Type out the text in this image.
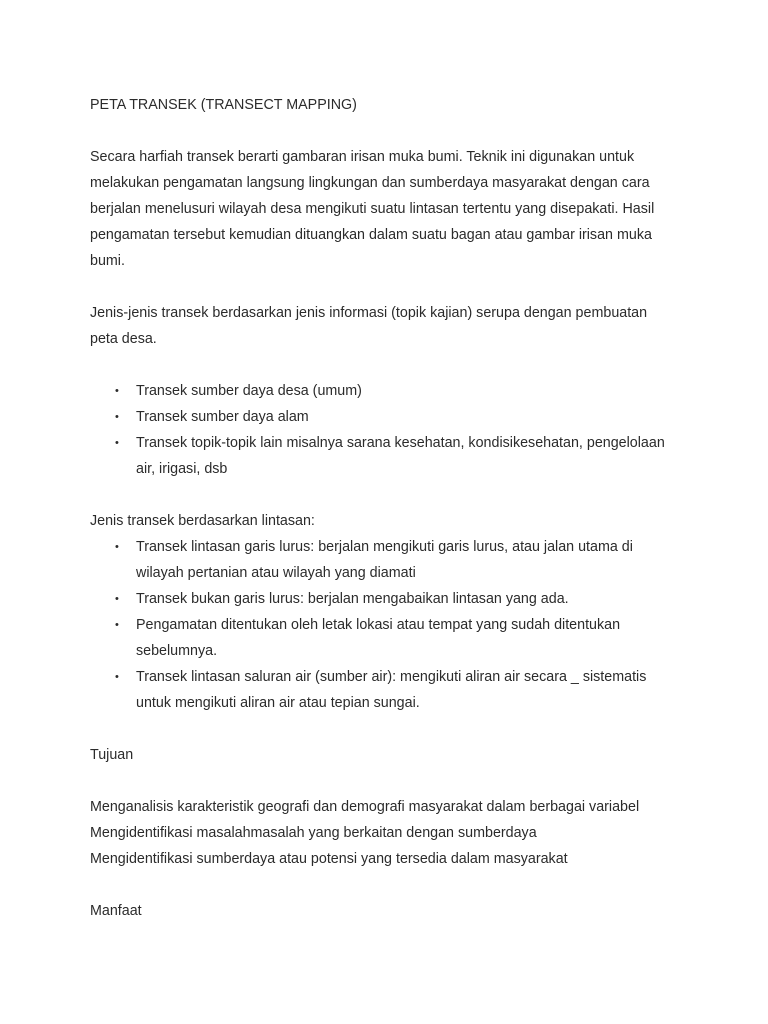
PETA TRANSEK (TRANSECT MAPPING)
Secara harfiah transek berarti gambaran irisan muka bumi. Teknik ini digunakan untuk
melakukan pengamatan langsung lingkungan dan sumberdaya masyarakat dengan cara
berjalan menelusuri wilayah desa mengikuti suatu lintasan tertentu yang disepakati. Hasil
pengamatan tersebut kemudian dituangkan dalam suatu bagan atau gambar irisan muka
bumi.
Jenis-jenis transek berdasarkan jenis informasi (topik kajian) serupa dengan pembuatan
peta desa.
• Transek sumber daya desa (umum)
• Transek sumber daya alam
• Transek topik-topik lain misalnya sarana kesehatan, kondisikesehatan, pengelolaan
air, irigasi, dsb
Jenis transek berdasarkan lintasan:
• Transek lintasan garis lurus: berjalan mengikuti garis lurus, atau jalan utama di
wilayah pertanian atau wilayah yang diamati
• Transek bukan garis lurus: berjalan mengabaikan lintasan yang ada.
• Pengamatan ditentukan oleh letak lokasi atau tempat yang sudah ditentukan
sebelumnya.
• Transek lintasan saluran air (sumber air): mengikuti aliran air secara _ sistematis
untuk mengikuti aliran air atau tepian sungai.
Tujuan
Menganalisis karakteristik geografi dan demografi masyarakat dalam berbagai variabel
Mengidentifikasi masalahmasalah yang berkaitan dengan sumberdaya
Mengidentifikasi sumberdaya atau potensi yang tersedia dalam masyarakat
Manfaat
